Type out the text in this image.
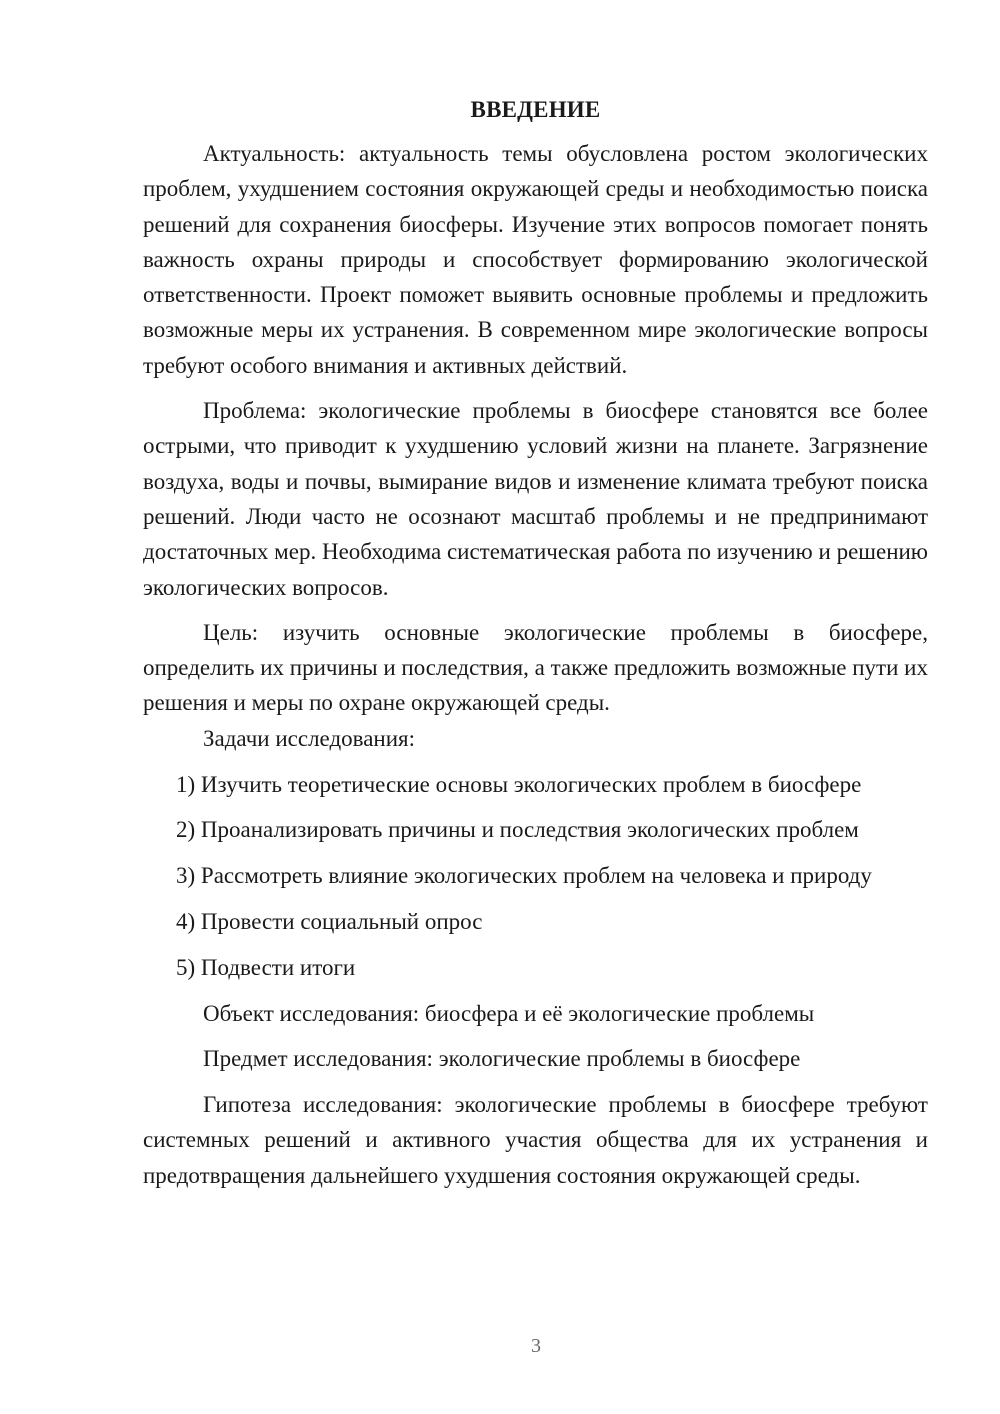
ВВЕДЕНИЕ

Актуальность: актуальность темы обусловлена ростом экологических проблем, ухудшением состояния окружающей среды и необходимостью поиска решений для сохранения биосферы. Изучение этих вопросов помогает понять важность охраны природы и способствует формированию экологической ответственности. Проект поможет выявить основные проблемы и предложить возможные меры их устранения. В современном мире экологические вопросы требуют особого внимания и активных действий.

Проблема: экологические проблемы в биосфере становятся все более острыми, что приводит к ухудшению условий жизни на планете. Загрязнение воздуха, воды и почвы, вымирание видов и изменение климата требуют поиска решений. Люди часто не осознают масштаб проблемы и не предпринимают достаточных мер. Необходима систематическая работа по изучению и решению экологических вопросов.

Цель: изучить основные экологические проблемы в биосфере, определить их причины и последствия, а также предложить возможные пути их решения и меры по охране окружающей среды.

Задачи исследования:

1) Изучить теоретические основы экологических проблем в биосфере
2) Проанализировать причины и последствия экологических проблем
3) Рассмотреть влияние экологических проблем на человека и природу
4) Провести социальный опрос
5) Подвести итоги

Объект исследования: биосфера и её экологические проблемы

Предмет исследования: экологические проблемы в биосфере

Гипотеза исследования: экологические проблемы в биосфере требуют системных решений и активного участия общества для их устранения и предотвращения дальнейшего ухудшения состояния окружающей среды.

3
